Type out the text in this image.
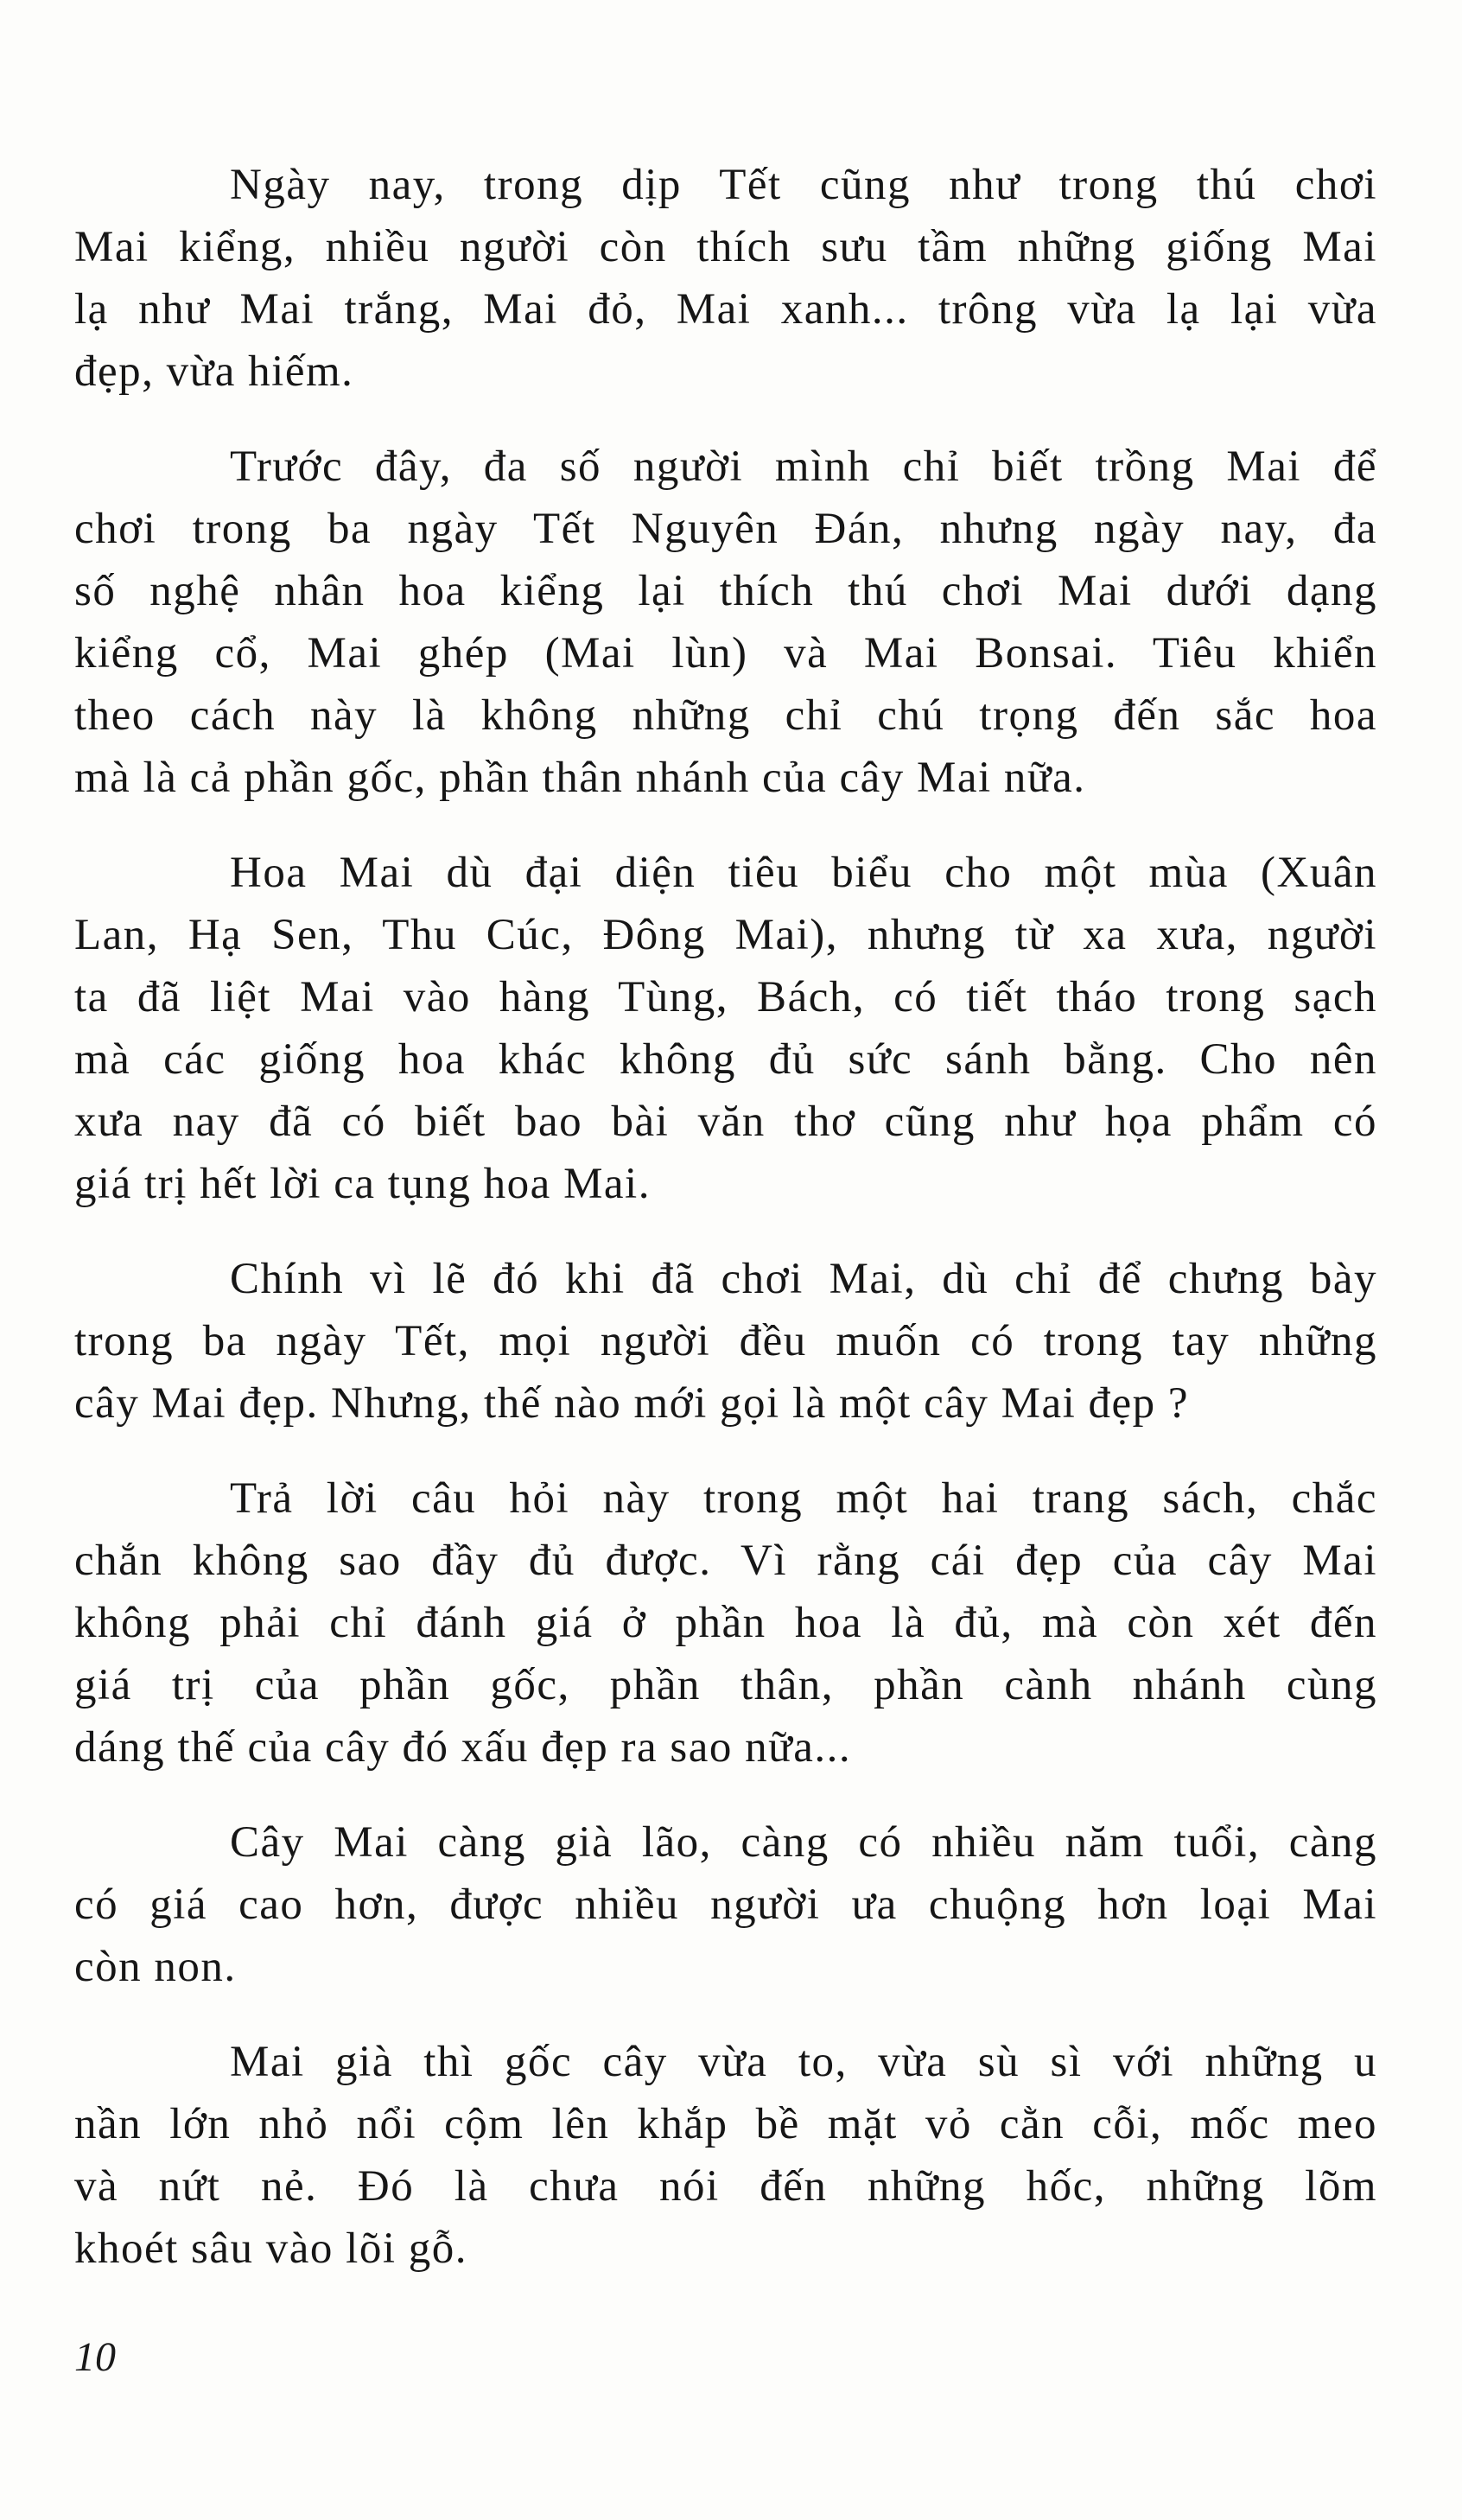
Ngày nay, trong dịp Tết cũng như trong thú chơi
Mai kiểng, nhiều người còn thích sưu tầm những giống Mai
lạ như Mai trắng, Mai đỏ, Mai xanh... trông vừa lạ lại vừa
đẹp, vừa hiếm.
Trước đây, đa số người mình chỉ biết trồng Mai để
chơi trong ba ngày Tết Nguyên Đán, nhưng ngày nay, đa
số nghệ nhân hoa kiểng lại thích thú chơi Mai dưới dạng
kiểng cổ, Mai ghép (Mai lùn) và Mai Bonsai. Tiêu khiển
theo cách này là không những chỉ chú trọng đến sắc hoa
mà là cả phần gốc, phần thân nhánh của cây Mai nữa.
Hoa Mai dù đại diện tiêu biểu cho một mùa (Xuân
Lan, Hạ Sen, Thu Cúc, Đông Mai), nhưng từ xa xưa, người
ta đã liệt Mai vào hàng Tùng, Bách, có tiết tháo trong sạch
mà các giống hoa khác không đủ sức sánh bằng. Cho nên
xưa nay đã có biết bao bài văn thơ cũng như họa phẩm có
giá trị hết lời ca tụng hoa Mai.
Chính vì lẽ đó khi đã chơi Mai, dù chỉ để chưng bày
trong ba ngày Tết, mọi người đều muốn có trong tay những
cây Mai đẹp. Nhưng, thế nào mới gọi là một cây Mai đẹp ?
Trả lời câu hỏi này trong một hai trang sách, chắc
chắn không sao đầy đủ được. Vì rằng cái đẹp của cây Mai
không phải chỉ đánh giá ở phần hoa là đủ, mà còn xét đến
giá trị của phần gốc, phần thân, phần cành nhánh cùng
dáng thế của cây đó xấu đẹp ra sao nữa...
Cây Mai càng già lão, càng có nhiều năm tuổi, càng
có giá cao hơn, được nhiều người ưa chuộng hơn loại Mai
còn non.
Mai già thì gốc cây vừa to, vừa sù sì với những u
nần lớn nhỏ nổi cộm lên khắp bề mặt vỏ cằn cỗi, mốc meo
và nứt nẻ. Đó là chưa nói đến những hốc, những lõm
khoét sâu vào lõi gỗ.
10
